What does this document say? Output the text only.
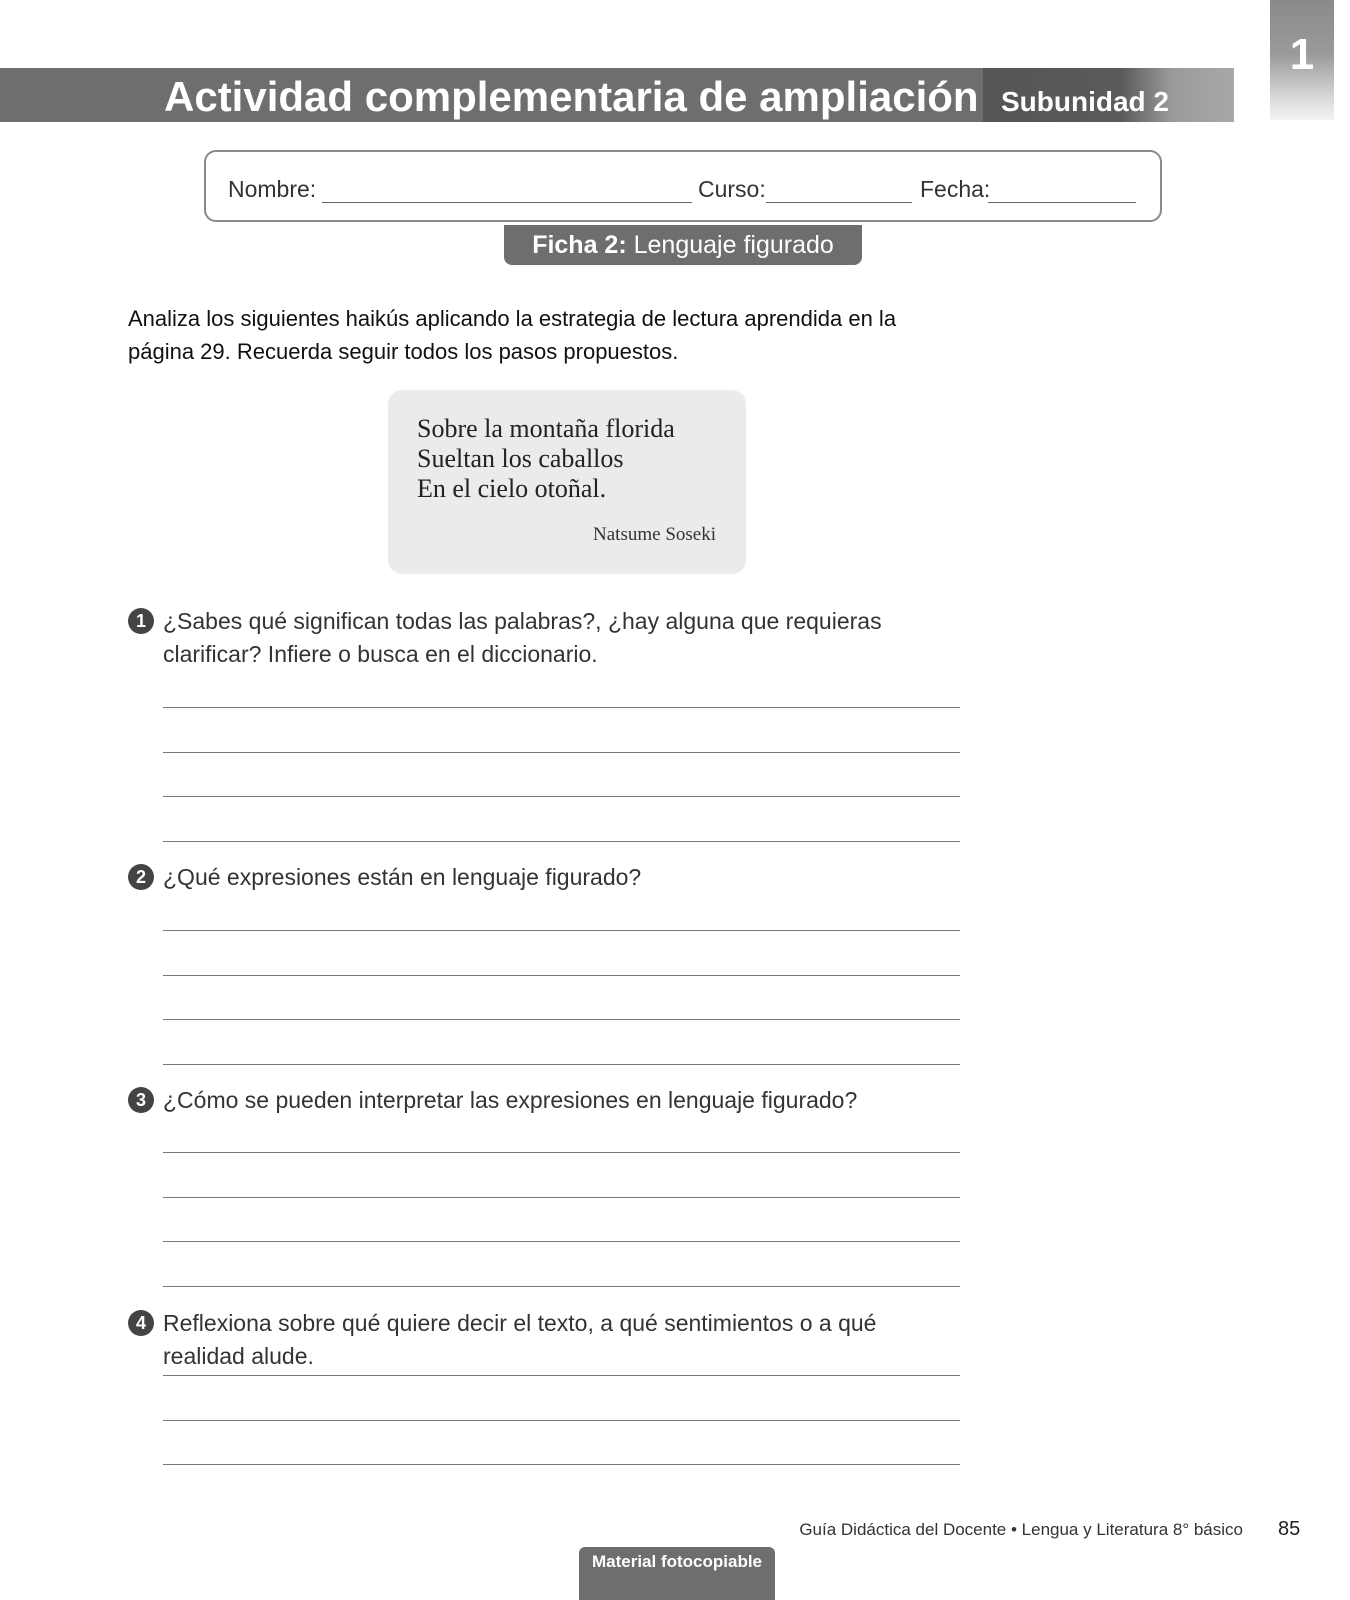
1
Actividad complementaria de ampliación Subunidad 2
Nombre:	Curso:	Fecha:
Ficha 2: Lenguaje figurado
Analiza los siguientes haikús aplicando la estrategia de lectura aprendida en la página 29. Recuerda seguir todos los pasos propuestos.
Sobre la montaña florida
Sueltan los caballos
En el cielo otoñal.
Natsume Soseki
1 ¿Sabes qué significan todas las palabras?, ¿hay alguna que requieras clarificar? Infiere o busca en el diccionario.
2 ¿Qué expresiones están en lenguaje figurado?
3 ¿Cómo se pueden interpretar las expresiones en lenguaje figurado?
4 Reflexiona sobre qué quiere decir el texto, a qué sentimientos o a qué realidad alude.
Guía Didáctica del Docente • Lengua y Literatura 8° básico 85
Material fotocopiable
